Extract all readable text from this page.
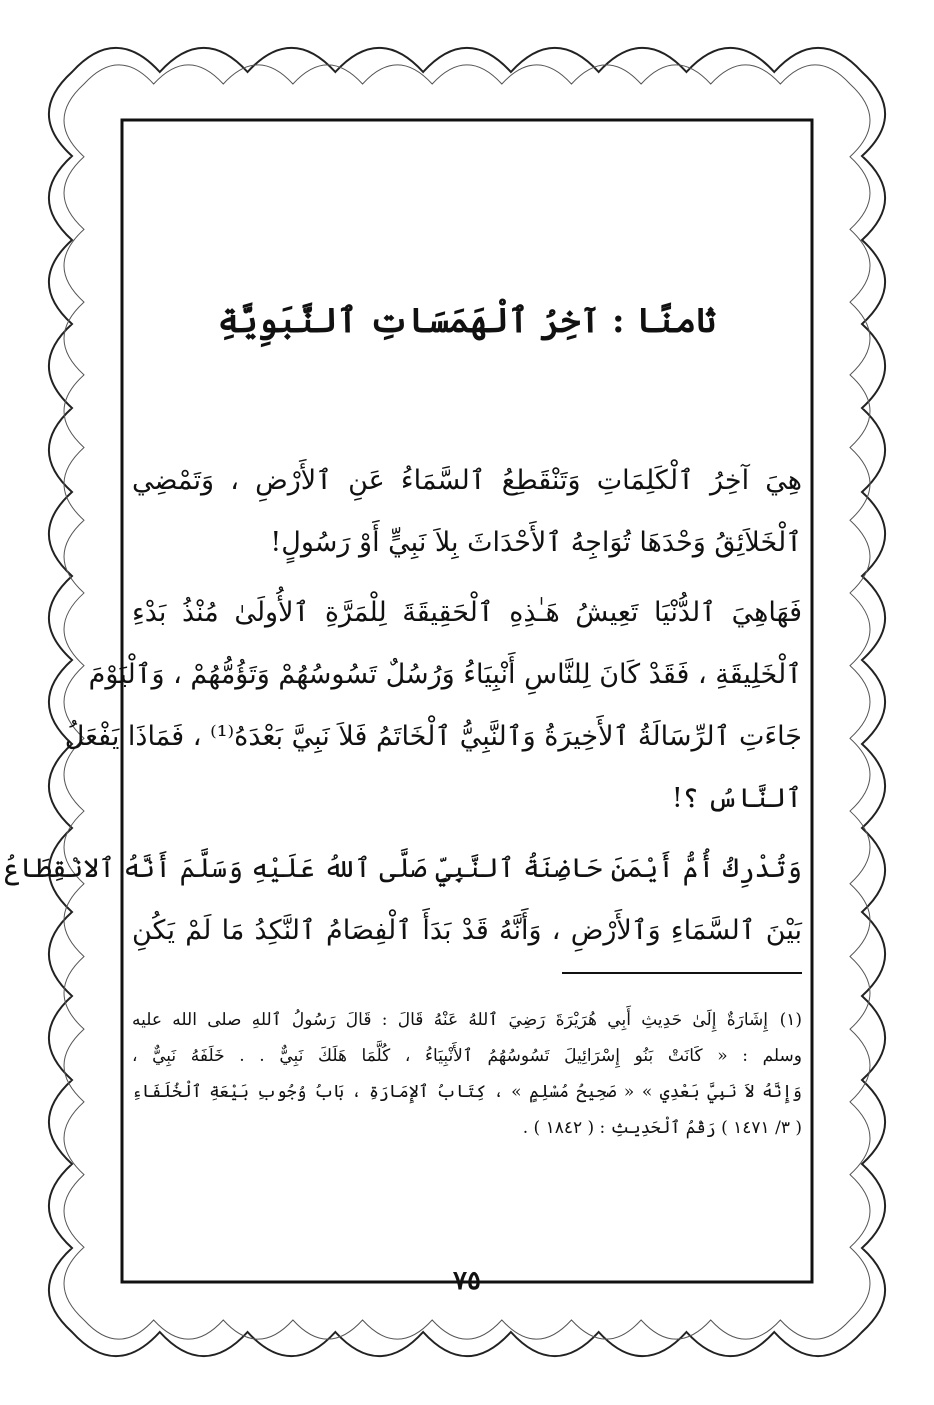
ثامنًا : آخِرُ ٱلْهَمَسَاتِ ٱلنَّبَوِيَّةِ
هِيَ آخِرُ ٱلْكَلِمَاتِ وَتَنْقَطِعُ ٱلسَّمَاءُ عَنِ ٱلأَرْضِ ، وَتَمْضِي
ٱلْخَلاَئِقُ وَحْدَهَا تُوَاجِهُ ٱلأَحْدَاثَ بِلاَ نَبِيٍّ أَوْ رَسُولٍ!
فَهَاهِيَ ٱلدُّنْيَا تَعِيشُ هَـٰذِهِ ٱلْحَقِيقَةَ لِلْمَرَّةِ ٱلأُولَىٰ مُنْذُ بَدْءِ
ٱلْخَلِيقَةِ ، فَقَدْ كَانَ لِلنَّاسِ أَنْبِيَاءُ وَرُسُلٌ تَسُوسُهُمْ وَتَؤُمُّهُمْ ، وَٱلْيَوْمَ
جَاءَتِ ٱلرِّسَالَةُ ٱلأَخِيرَةُ وَٱلنَّبِيُّ ٱلْخَاتَمُ فَلاَ نَبِيَّ بَعْدَهُ⁽¹⁾ ، فَمَاذَا يَفْعَلُ
ٱلنَّاسُ ؟!
وَتُدْرِكُ أُمُّ أَيْمَنَ حَاضِنَةُ ٱلنَّبِيِّ صَلَّى ٱللهُ عَلَيْهِ وَسَلَّمَ أَنَّهُ ٱلانْقِطَاعُ
بَيْنَ ٱلسَّمَاءِ وَٱلأَرْضِ ، وَأَنَّهُ قَدْ بَدَأَ ٱلْفِصَامُ ٱلنَّكِدُ مَا لَمْ يَكُنِ
(١)إِشَارَةٌ إِلَىٰ حَدِيثِ أَبِي هُرَيْرَةَ رَضِيَ ٱللهُ عَنْهُ قَالَ : قَالَ رَسُولُ ٱللهِ صلى الله عليه
وسلم : « كَانَتْ بَنُو إِسْرَائِيلَ تَسُوسُهُمُ ٱلأَنْبِيَاءُ ، كُلَّمَا هَلَكَ نَبِيٌّ . . خَلَفَهُ نَبِيٌّ ،
وَإِنَّهُ لاَ نَبِيَّ بَعْدِي » « صَحِيحُ مُسْلِمٍ » ، كِتَابُ ٱلإِمَارَةِ ، بَابُ وُجُوبِ بَيْعَةِ ٱلْخُلَفَاءِ
( ٣/ ١٤٧١ ) رَقْمُ ٱلْحَدِيثِ : ( ١٨٤٢ ) .
٧٥
